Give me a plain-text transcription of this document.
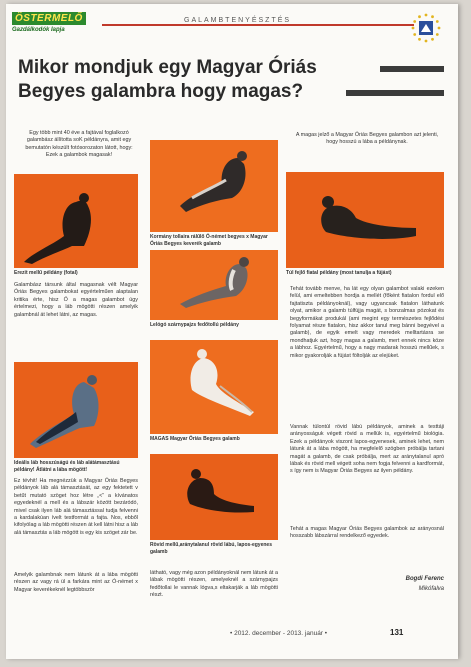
ÖSTERMELŐ
Gazdálkodók lapja
GALAMBTENYÉSZTÉS
Mikor mondjuk egy Magyar Óriás
Begyes galambra hogy magas?
Egy több mint 40 éve a fajtával foglalkozó galambász állította soK példányra, amit egy bemutatón készült fotósorozaton látott, hogy: Ezek a galambok magasak!
Erezit mellű példány (fotal)
Galambász társunk által magasnak vélt Magyar Óriás Begyes galambokat egyértelműen alaptalan kritika érte, hisz Ő a magas galambot úgy értelmezi, hogy a láb mögötti részen amelyik galambnál át lehet látni, az magas.
Ideális láb hosszúságú és láb alátámasztású példány! Átlátni a lába mögött!
Ez tévhit! Ha megnézzük a Magyar Óriás Begyes példányok láb alá támasztását, az egy fektetett v betűt mutató szöget hoz létre „<” a kívánatos egyedeknél a mell és a lábszár között bezáródó, mivel csak ilyen láb alá támasztással tudja felvenni a kardalakúan ívelt testformát a fajta. Nos, ebből kifolyólag a láb mögötti részen át kell látni hisz a láb alá támasztás a láb mögött is egy kis szöget zár be.
Amelyik galambnak nem látunk át a lába mögötti részen az vagy rá ül a farkára mint az Ó-német x Magyar keverékeknél legtöbbször
Kormány tollaira rálűlő Ó-német begyes x Magyar Óriás Begyes keverék galamb
Lelógó szárnypajzs fedőtollú példány
MAGAS Magyar Óriás Begyes galamb
Rövid mellű,aránytalanul rövid lábú, lapos-egyenes galamb
látható, vagy még azon példányoknál nem látunk át a lábak mögötti részen, amelyeknél a szárnypajzs fedőtollai le vannak lógva,s eltakarják a láb mögötti részt.
A magas jelző a Magyar Óriás Begyes galambon azt jelenti, hogy hosszú a lába a példánynak.
Túl fejlő fiatal példány (most tanulja a fújást)
Tehát tovább menve, ha lát egy olyan galambot valaki ezeken felül, ami emeltebben hordja a mellét (főként fiatalon fordul elő fajtatiszta példányoknál), vagy ugyancsak fiatalon láthatunk olyat, amikor a galamb túlfújja magát, s bonzalmas pózokat és begyformákat produkál (ami megint egy természetes fejlődési folyamat része fiatalon, hisz akkor tanul meg bánni begyével a galamb), de egyik emelt vagy meredek melltartásra se mondhatjuk azt, hogy magas a galamb, mert ennek nincs köze a lábhoz. Egyértelmű, hogy a nagy madarak hosszú mellűek, s mikor gyakorolják a fújást föltolják az elejüket.
Vannak túlontúl rövid lábú példányok, aminek a testtáji arányosságuk végett rövid a mellük is, egyértelmű biológia. Ezek a példányok viszont lapos-egyenesek, aminek lehet, nem látunk át a lába mögött, ha megfelelő szögben próbálja tartani magát a galamb, de csak próbálja, mert az aránytalanul apró lábak és rövid mell végett soha nem fogja felvenni a kardformát, s így nem is Magyar Óriás Begyes az ilyen példány.
Tehát a magas Magyar Óriás Begyes galambok az arányosnál hosszabb lábszárral rendelkező egyedek.
Bogdi Ferenc
Mikófalva
• 2012. december - 2013. január •	131
